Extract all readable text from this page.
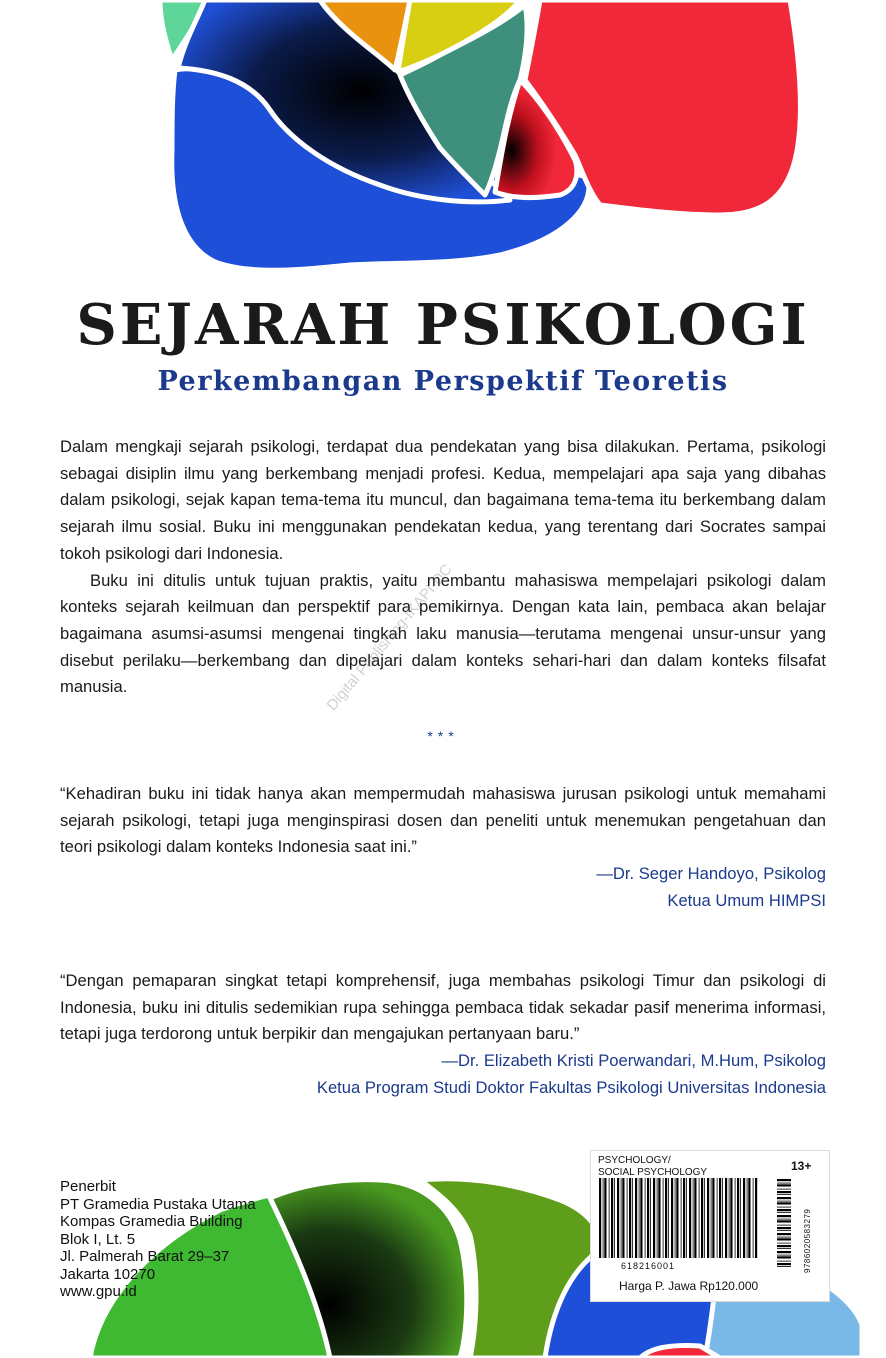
SEJARAH PSIKOLOGI
Perkembangan Perspektif Teoretis

Dalam mengkaji sejarah psikologi, terdapat dua pendekatan yang bisa dilakukan. Pertama, psikologi sebagai disiplin ilmu yang berkembang menjadi profesi. Kedua, mempelajari apa saja yang dibahas dalam psikologi, sejak kapan tema-tema itu muncul, dan bagaimana tema-tema itu berkembang dalam sejarah ilmu sosial. Buku ini menggunakan pendekatan kedua, yang terentang dari Socrates sampai tokoh psikologi dari Indonesia.

Buku ini ditulis untuk tujuan praktis, yaitu membantu mahasiswa mempelajari psikologi dalam konteks sejarah keilmuan dan perspektif para pemikirnya. Dengan kata lain, pembaca akan belajar bagaimana asumsi-asumsi mengenai tingkah laku manusia—terutama mengenai unsur-unsur yang disebut perilaku—berkembang dan dipelajari dalam konteks sehari-hari dan dalam konteks filsafat manusia.	Digital Publishing-IKAPI-DC
***

“Kehadiran buku ini tidak hanya akan mempermudah mahasiswa jurusan psikologi untuk memahami sejarah psikologi, tetapi juga menginspirasi dosen dan peneliti untuk menemukan pengetahuan dan teori psikologi dalam konteks Indonesia saat ini.”

—Dr. Seger Handoyo, Psikolog

Ketua Umum HIMPSI

“Dengan pemaparan singkat tetapi komprehensif, juga membahas psikologi Timur dan psikologi di Indonesia, buku ini ditulis sedemikian rupa sehingga pembaca tidak sekadar pasif menerima informasi, tetapi juga terdorong untuk berpikir dan mengajukan pertanyaan baru.”

—Dr. Elizabeth Kristi Poerwandari, M.Hum, Psikolog

Ketua Program Studi Doktor Fakultas Psikologi Universitas Indonesia

Penerbit
PT Gramedia Pustaka Utama
Kompas Gramedia Building
Blok I, Lt. 5
Jl. Palmerah Barat 29–37
Jakarta 10270
www.gpu.id
PSYCHOLOGY/
SOCIAL PSYCHOLOGY	13+
9786020583279
618216001
Harga P. Jawa Rp120.000
